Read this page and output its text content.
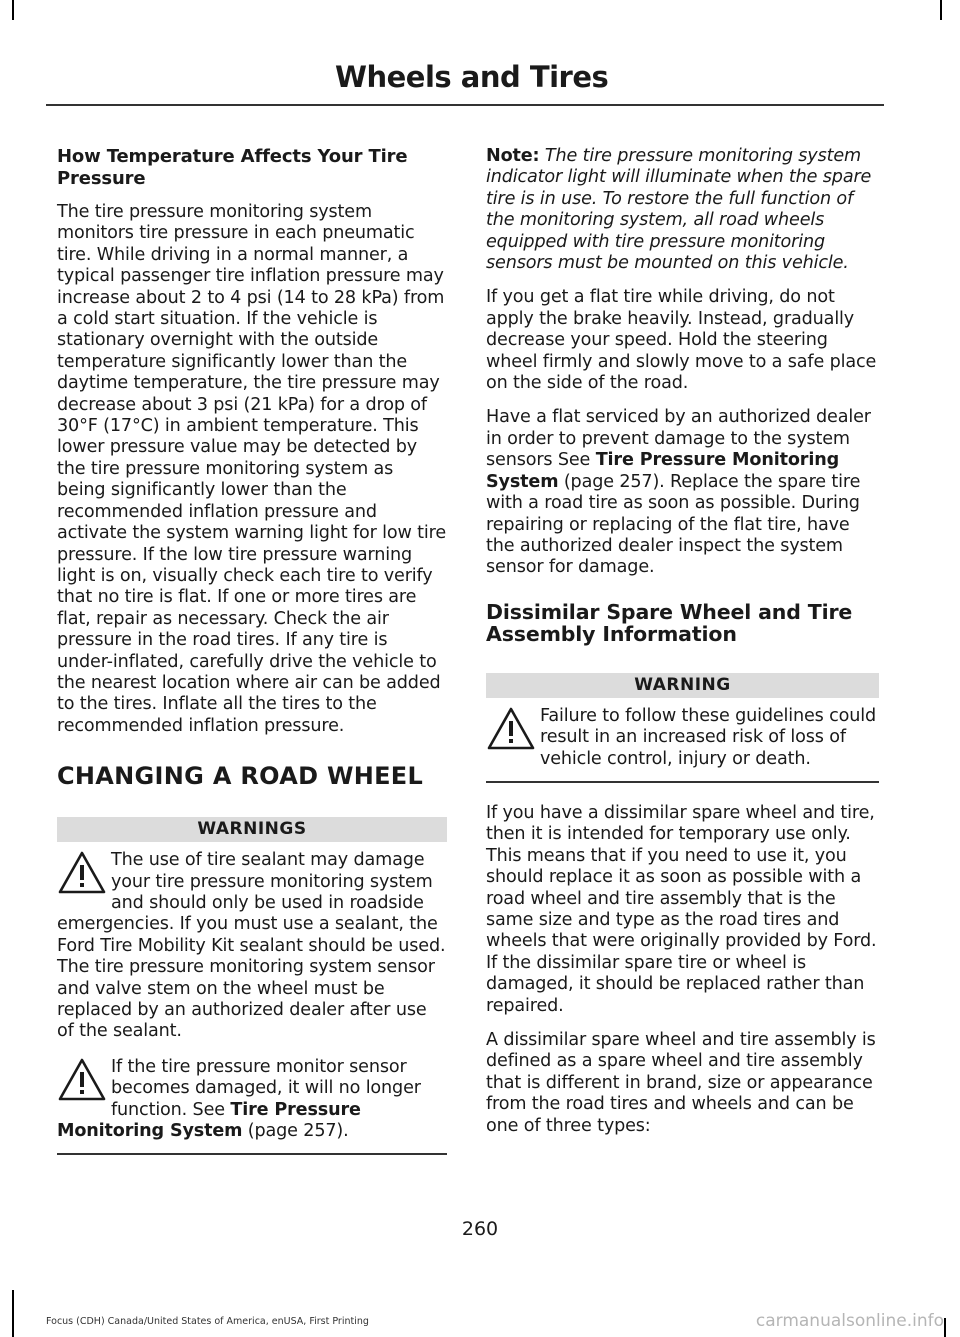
Wheels and Tires
How Temperature Affects Your Tire Pressure
The tire pressure monitoring system monitors tire pressure in each pneumatic tire. While driving in a normal manner, a typical passenger tire inflation pressure may increase about 2 to 4 psi (14 to 28 kPa) from a cold start situation. If the vehicle is stationary overnight with the outside temperature significantly lower than the daytime temperature, the tire pressure may decrease about 3 psi (21 kPa) for a drop of 30°F (17°C) in ambient temperature. This lower pressure value may be detected by the tire pressure monitoring system as being significantly lower than the recommended inflation pressure and activate the system warning light for low tire pressure. If the low tire pressure warning light is on, visually check each tire to verify that no tire is flat. If one or more tires are flat, repair as necessary. Check the air pressure in the road tires. If any tire is under-inflated, carefully drive the vehicle to the nearest location where air can be added to the tires. Inflate all the tires to the recommended inflation pressure.
CHANGING A ROAD WHEEL
WARNINGS
The use of tire sealant may damage your tire pressure monitoring system and should only be used in roadside emergencies. If you must use a sealant, the Ford Tire Mobility Kit sealant should be used. The tire pressure monitoring system sensor and valve stem on the wheel must be replaced by an authorized dealer after use of the sealant.
If the tire pressure monitor sensor becomes damaged, it will no longer function. See Tire Pressure Monitoring System (page 257).
Note: The tire pressure monitoring system indicator light will illuminate when the spare tire is in use. To restore the full function of the monitoring system, all road wheels equipped with tire pressure monitoring sensors must be mounted on this vehicle.
If you get a flat tire while driving, do not apply the brake heavily. Instead, gradually decrease your speed. Hold the steering wheel firmly and slowly move to a safe place on the side of the road.
Have a flat serviced by an authorized dealer in order to prevent damage to the system sensors See Tire Pressure Monitoring System (page 257). Replace the spare tire with a road tire as soon as possible. During repairing or replacing of the flat tire, have the authorized dealer inspect the system sensor for damage.
Dissimilar Spare Wheel and Tire Assembly Information
WARNING
Failure to follow these guidelines could result in an increased risk of loss of vehicle control, injury or death.
If you have a dissimilar spare wheel and tire, then it is intended for temporary use only. This means that if you need to use it, you should replace it as soon as possible with a road wheel and tire assembly that is the same size and type as the road tires and wheels that were originally provided by Ford. If the dissimilar spare tire or wheel is damaged, it should be replaced rather than repaired.
A dissimilar spare wheel and tire assembly is defined as a spare wheel and tire assembly that is different in brand, size or appearance from the road tires and wheels and can be one of three types:
260
Focus (CDH) Canada/United States of America, enUSA, First Printing	carmanualsonline.info
